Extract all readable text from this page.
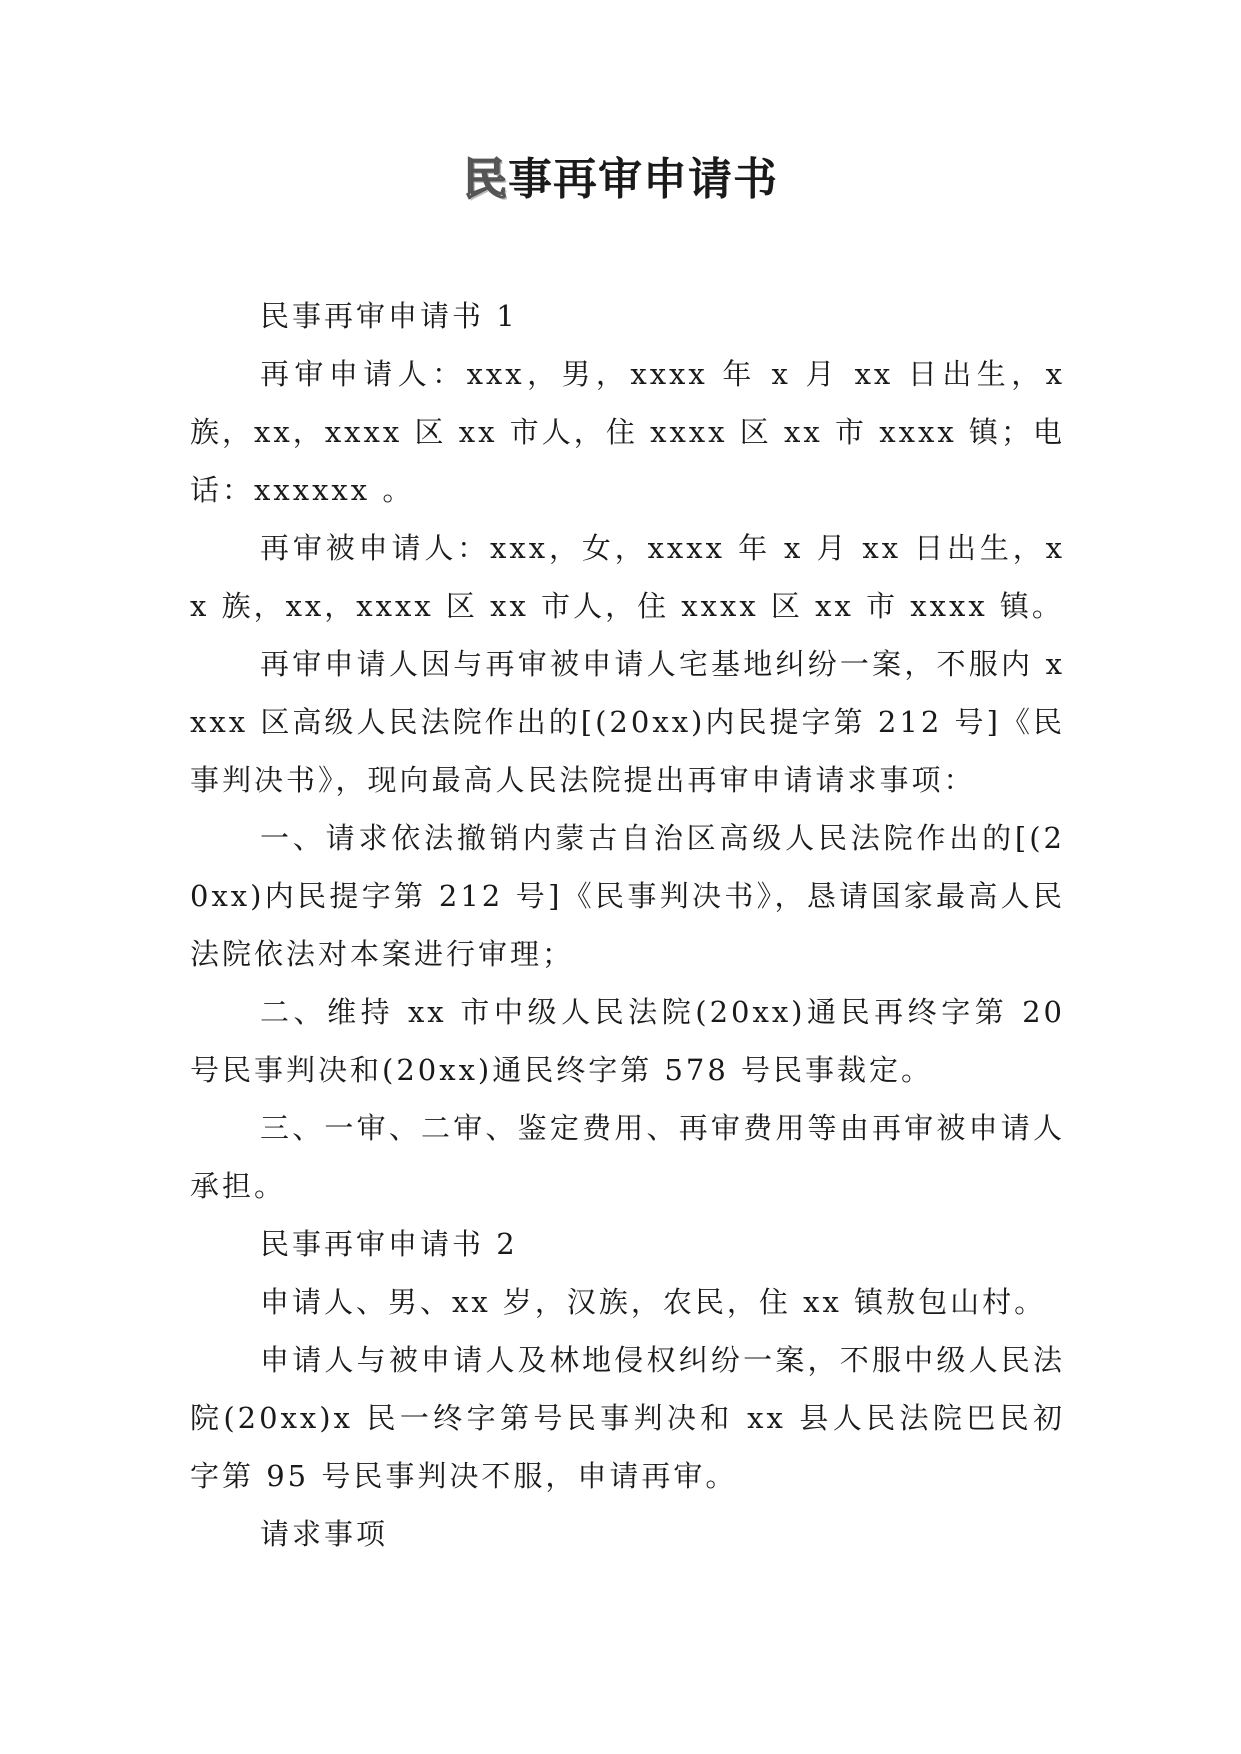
民事再审申请书

民事再审申请书 1

再审申请人：xxx，男，xxxx 年 x 月 xx 日出生，x 族，xx，xxxx 区 xx 市人，住 xxxx 区 xx 市 xxxx 镇；电话：xxxxxx 。

再审被申请人：xxx，女，xxxx 年 x 月 xx 日出生，xx 族，xx，xxxx 区 xx 市人，住 xxxx 区 xx 市 xxxx 镇。

再审申请人因与再审被申请人宅基地纠纷一案，不服内 xxxx 区高级人民法院作出的[(20xx)内民提字第 212 号]《民事判决书》，现向最高人民法院提出再审申请请求事项：

一、请求依法撤销内蒙古自治区高级人民法院作出的[(20xx)内民提字第 212 号]《民事判决书》，恳请国家最高人民法院依法对本案进行审理；

二、维持 xx 市中级人民法院(20xx)通民再终字第 20 号民事判决和(20xx)通民终字第 578 号民事裁定。

三、一审、二审、鉴定费用、再审费用等由再审被申请人承担。

民事再审申请书 2

申请人、男、xx 岁，汉族，农民，住 xx 镇敖包山村。

申请人与被申请人及林地侵权纠纷一案，不服中级人民法院(20xx)x 民一终字第号民事判决和 xx 县人民法院巴民初字第 95 号民事判决不服，申请再审。

请求事项
